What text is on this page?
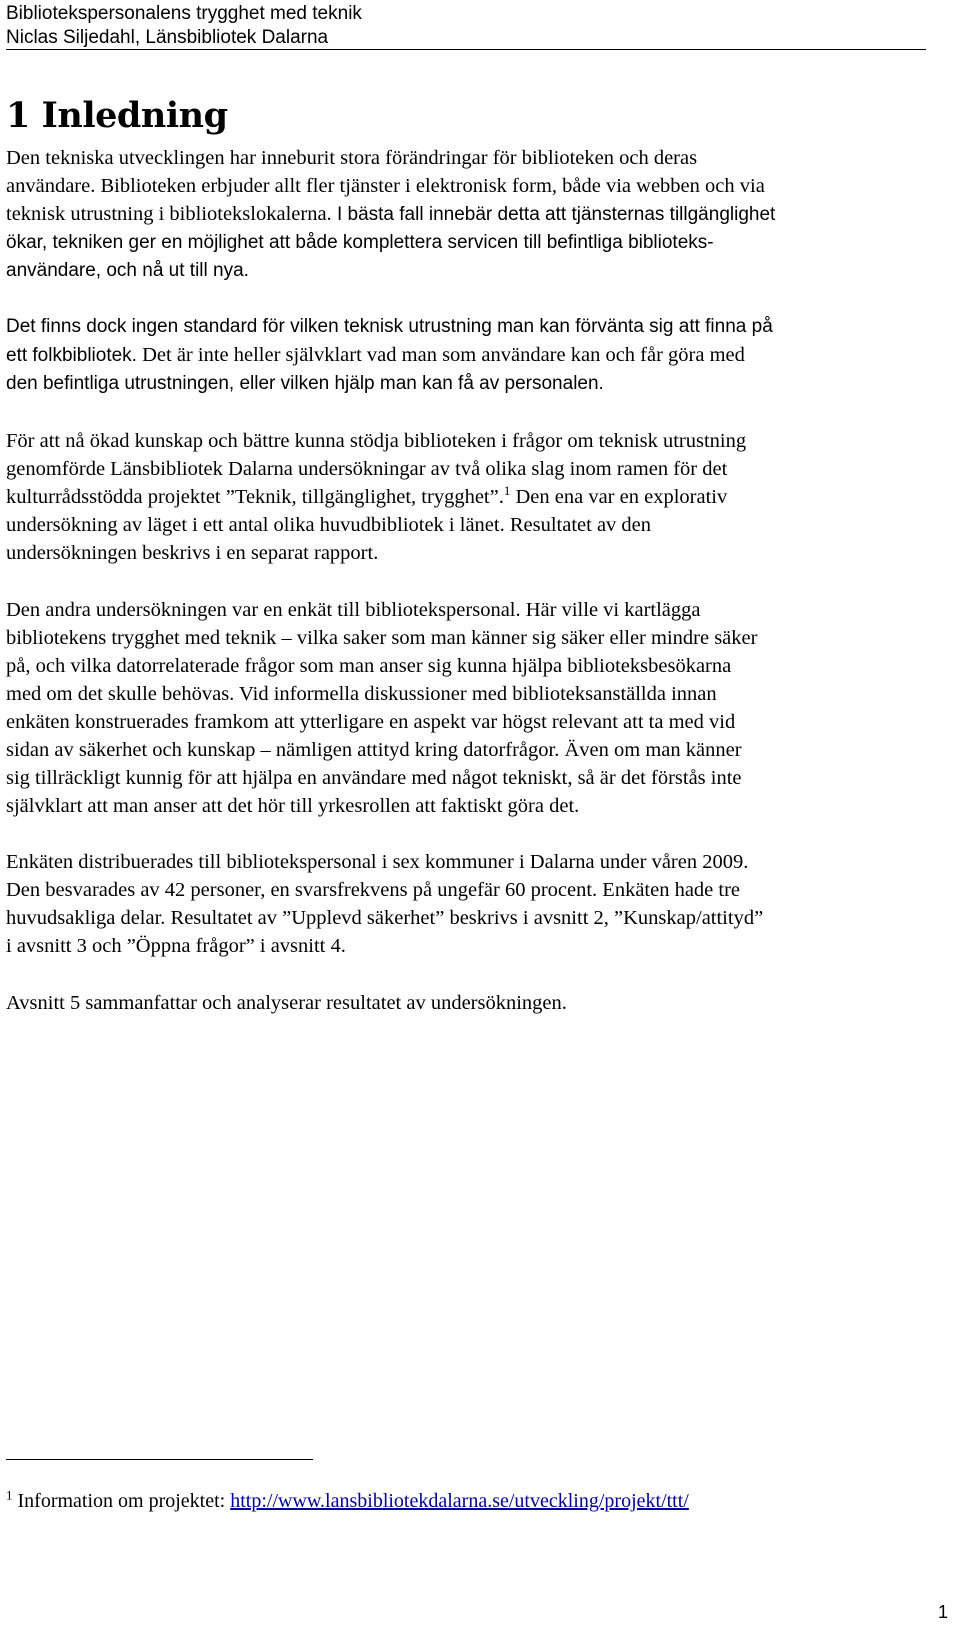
Bibliotekspersonalens trygghet med teknik
Niclas Siljedahl, Länsbibliotek Dalarna
1 Inledning

Den tekniska utvecklingen har inneburit stora förändringar för biblioteken och deras
användare. Biblioteken erbjuder allt fler tjänster i elektronisk form, både via webben och via
teknisk utrustning i bibliotekslokalerna. I bästa fall innebär detta att tjänsternas tillgänglighet
ökar, tekniken ger en möjlighet att både komplettera servicen till befintliga biblioteks-
användare, och nå ut till nya.

Det finns dock ingen standard för vilken teknisk utrustning man kan förvänta sig att finna på
ett folkbibliotek. Det är inte heller självklart vad man som användare kan och får göra med
den befintliga utrustningen, eller vilken hjälp man kan få av personalen.

För att nå ökad kunskap och bättre kunna stödja biblioteken i frågor om teknisk utrustning
genomförde Länsbibliotek Dalarna undersökningar av två olika slag inom ramen för det
kulturrådsstödda projektet ”Teknik, tillgänglighet, trygghet”.$^1$ Den ena var en explorativ
undersökning av läget i ett antal olika huvudbibliotek i länet. Resultatet av den
undersökningen beskrivs i en separat rapport.

Den andra undersökningen var en enkät till bibliotekspersonal. Här ville vi kartlägga
bibliotekens trygghet med teknik – vilka saker som man känner sig säker eller mindre säker
på, och vilka datorrelaterade frågor som man anser sig kunna hjälpa biblioteksbesökarna
med om det skulle behövas. Vid informella diskussioner med biblioteksanställda innan
enkäten konstruerades framkom att ytterligare en aspekt var högst relevant att ta med vid
sidan av säkerhet och kunskap – nämligen attityd kring datorfrågor. Även om man känner
sig tillräckligt kunnig för att hjälpa en användare med något tekniskt, så är det förstås inte
självklart att man anser att det hör till yrkesrollen att faktiskt göra det.

Enkäten distribuerades till bibliotekspersonal i sex kommuner i Dalarna under våren 2009.
Den besvarades av 42 personer, en svarsfrekvens på ungefär 60 procent. Enkäten hade tre
huvudsakliga delar. Resultatet av ”Upplevd säkerhet” beskrivs i avsnitt 2, ”Kunskap/attityd”
i avsnitt 3 och ”Öppna frågor” i avsnitt 4.

Avsnitt 5 sammanfattar och analyserar resultatet av undersökningen.

$^1$ Information om projektet: http://www.lansbibliotekdalarna.se/utveckling/projekt/ttt/
1
